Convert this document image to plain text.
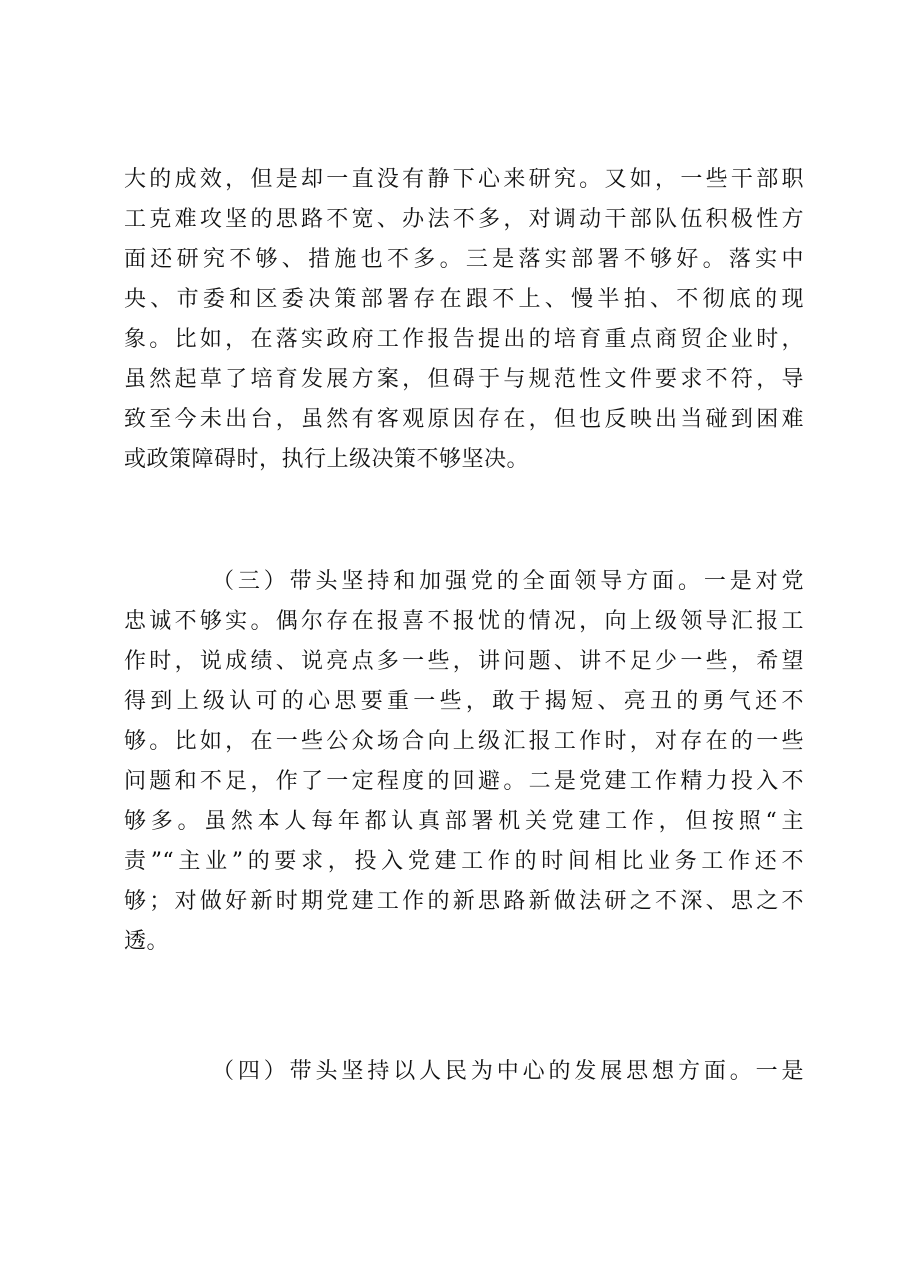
大的成效，但是却一直没有静下心来研究。又如，一些干部职
工克难攻坚的思路不宽、办法不多，对调动干部队伍积极性方
面还研究不够、措施也不多。三是落实部署不够好。落实中
央、市委和区委决策部署存在跟不上、慢半拍、不彻底的现
象。比如，在落实政府工作报告提出的培育重点商贸企业时，
虽然起草了培育发展方案，但碍于与规范性文件要求不符，导
致至今未出台，虽然有客观原因存在，但也反映出当碰到困难
或政策障碍时，执行上级决策不够坚决。
（三）带头坚持和加强党的全面领导方面。一是对党
忠诚不够实。偶尔存在报喜不报忧的情况，向上级领导汇报工
作时，说成绩、说亮点多一些，讲问题、讲不足少一些，希望
得到上级认可的心思要重一些，敢于揭短、亮丑的勇气还不
够。比如，在一些公众场合向上级汇报工作时，对存在的一些
问题和不足，作了一定程度的回避。二是党建工作精力投入不
够多。虽然本人每年都认真部署机关党建工作，但按照“主
责”“主业”的要求，投入党建工作的时间相比业务工作还不
够；对做好新时期党建工作的新思路新做法研之不深、思之不
透。
（四）带头坚持以人民为中心的发展思想方面。一是
